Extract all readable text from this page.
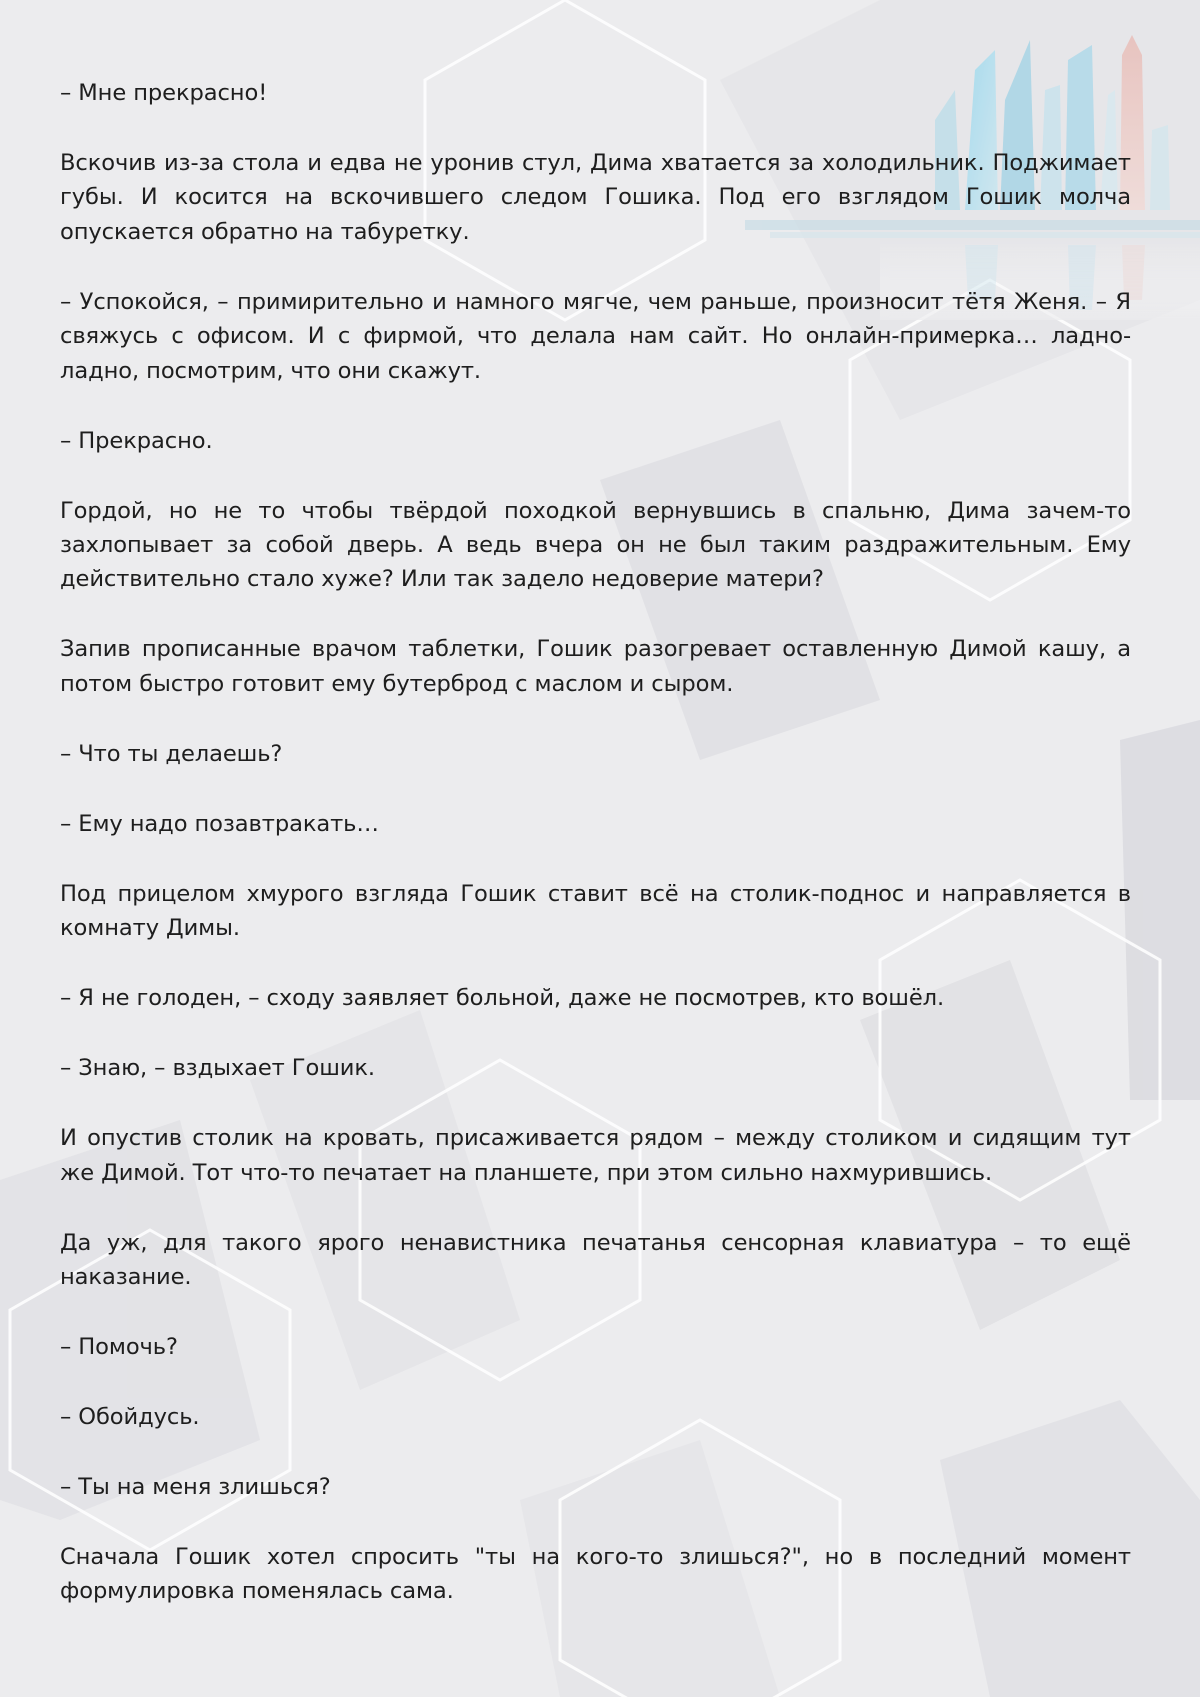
– Мне прекрасно!

Вскочив из-за стола и едва не уронив стул, Дима хватается за холодильник. Поджимает губы. И косится на вскочившего следом Гошика. Под его взглядом Гошик молча опускается обратно на табуретку.

– Успокойся, – примирительно и намного мягче, чем раньше, произносит тётя Женя. – Я свяжусь с офисом. И с фирмой, что делала нам сайт. Но онлайн-примерка… ладно-ладно, посмотрим, что они скажут.

– Прекрасно.

Гордой, но не то чтобы твёрдой походкой вернувшись в спальню, Дима зачем-то захлопывает за собой дверь. А ведь вчера он не был таким раздражительным. Ему действительно стало хуже? Или так задело недоверие матери?

Запив прописанные врачом таблетки, Гошик разогревает оставленную Димой кашу, а потом быстро готовит ему бутерброд с маслом и сыром.

– Что ты делаешь?

– Ему надо позавтракать…

Под прицелом хмурого взгляда Гошик ставит всё на столик-поднос и направляется в комнату Димы.

– Я не голоден, – сходу заявляет больной, даже не посмотрев, кто вошёл.

– Знаю, – вздыхает Гошик.

И опустив столик на кровать, присаживается рядом – между столиком и сидящим тут же Димой. Тот что-то печатает на планшете, при этом сильно нахмурившись.

Да уж, для такого ярого ненавистника печатанья сенсорная клавиатура – то ещё наказание.

– Помочь?

– Обойдусь.

– Ты на меня злишься?

Сначала Гошик хотел спросить "ты на кого-то злишься?", но в последний момент формулировка поменялась сама.
